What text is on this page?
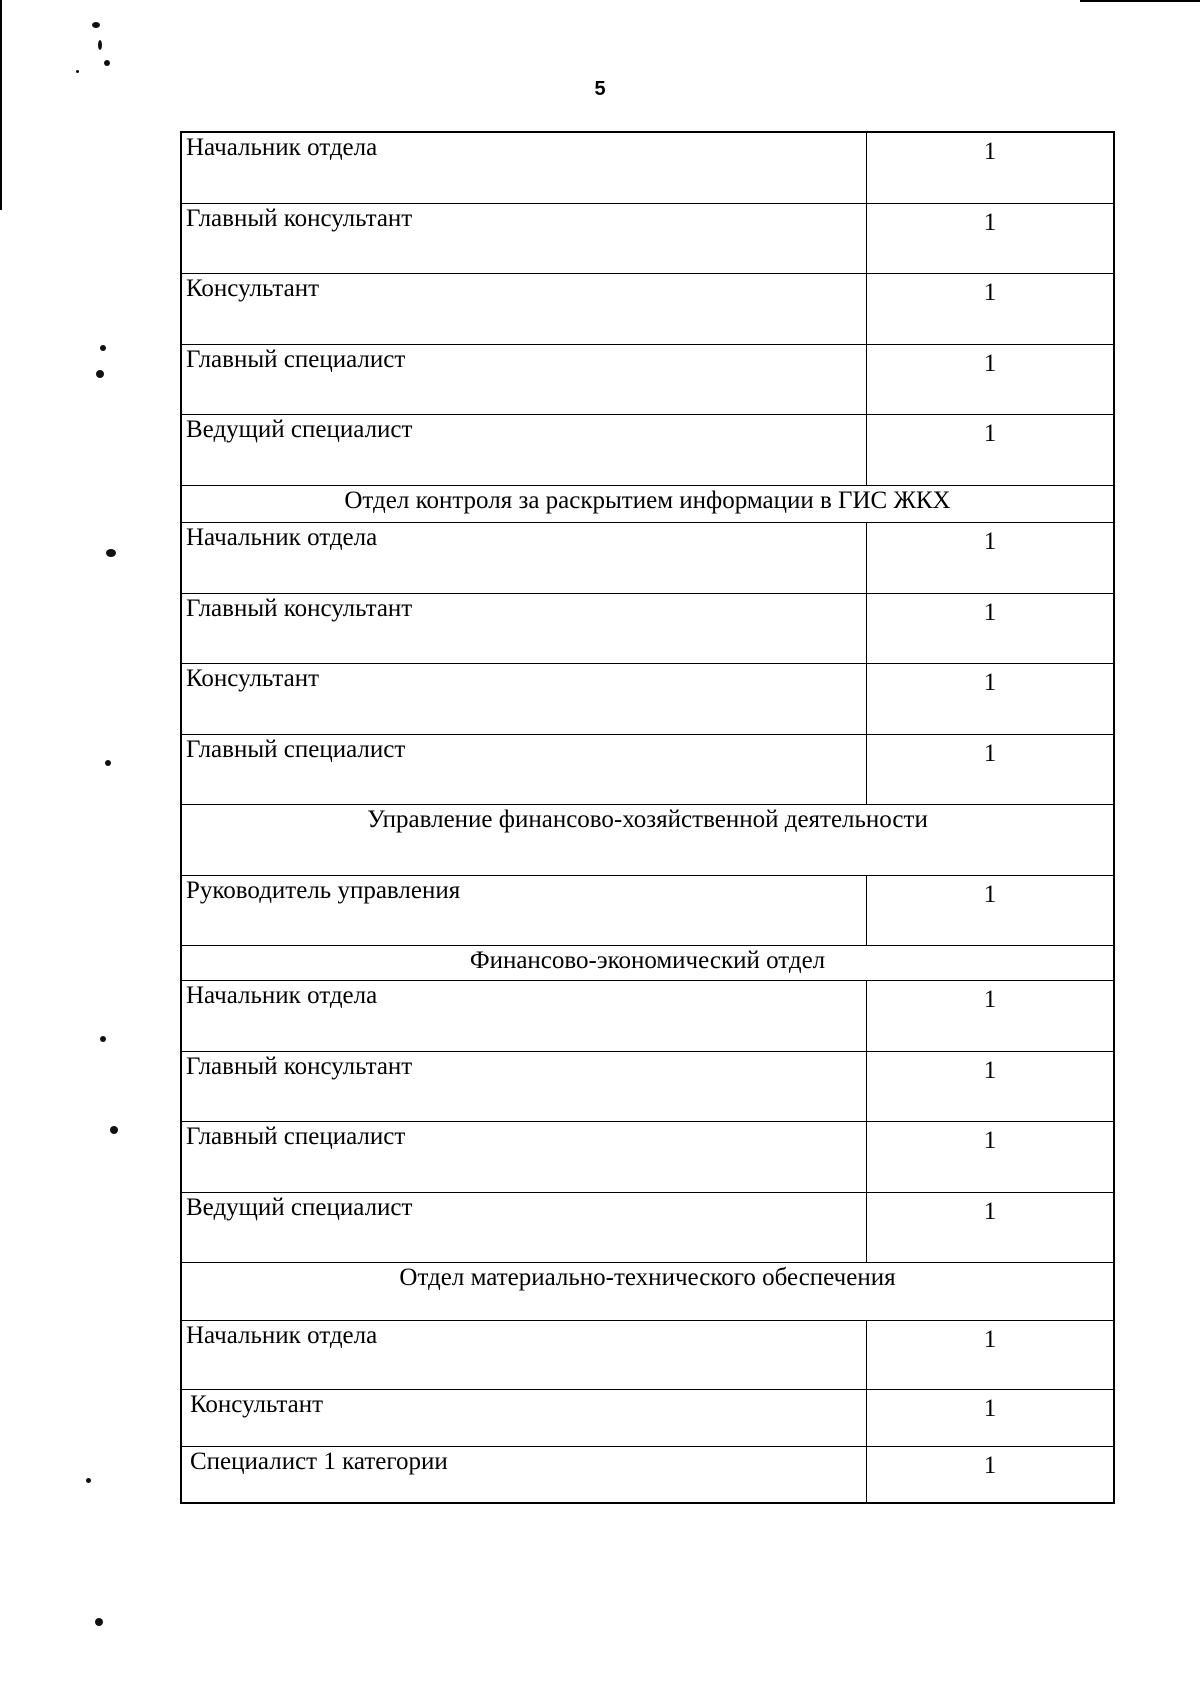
5
Начальник отдела	1
Главный консультант	1
Консультант	1
Главный специалист	1
Ведущий специалист	1
Отдел контроля за раскрытием информации в ГИС ЖКХ
Начальник отдела	1
Главный консультант	1
Консультант	1
Главный специалист	1
Управление финансово-хозяйственной деятельности
Руководитель управления	1
Финансово-экономический отдел
Начальник отдела	1
Главный консультант	1
Главный специалист	1
Ведущий специалист	1
Отдел материально-технического обеспечения
Начальник отдела	1
Консультант	1
Специалист 1 категории	1
